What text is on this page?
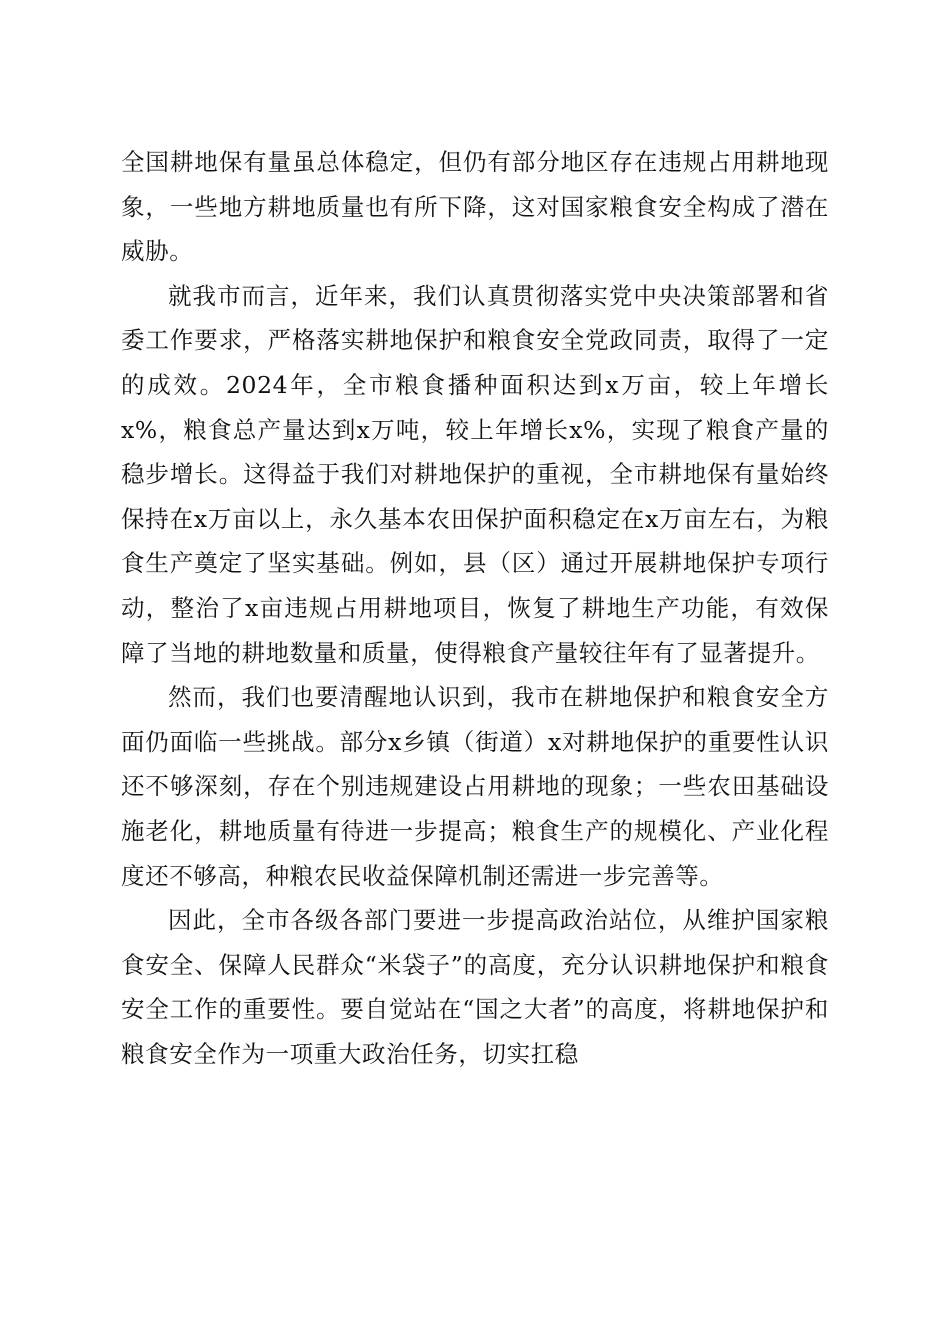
全国耕地保有量虽总体稳定，但仍有部分地区存在违规占用耕地现象，一些地方耕地质量也有所下降，这对国家粮食安全构成了潜在威胁。

就我市而言，近年来，我们认真贯彻落实党中央决策部署和省委工作要求，严格落实耕地保护和粮食安全党政同责，取得了一定的成效。2024年，全市粮食播种面积达到x万亩，较上年增长x%，粮食总产量达到x万吨，较上年增长x%，实现了粮食产量的稳步增长。这得益于我们对耕地保护的重视，全市耕地保有量始终保持在x万亩以上，永久基本农田保护面积稳定在x万亩左右，为粮食生产奠定了坚实基础。例如，县（区）通过开展耕地保护专项行动，整治了x亩违规占用耕地项目，恢复了耕地生产功能，有效保障了当地的耕地数量和质量，使得粮食产量较往年有了显著提升。

然而，我们也要清醒地认识到，我市在耕地保护和粮食安全方面仍面临一些挑战。部分x乡镇（街道）x对耕地保护的重要性认识还不够深刻，存在个别违规建设占用耕地的现象；一些农田基础设施老化，耕地质量有待进一步提高；粮食生产的规模化、产业化程度还不够高，种粮农民收益保障机制还需进一步完善等。

因此，全市各级各部门要进一步提高政治站位，从维护国家粮食安全、保障人民群众“米袋子”的高度，充分认识耕地保护和粮食安全工作的重要性。要自觉站在“国之大者”的高度，将耕地保护和粮食安全作为一项重大政治任务，切实扛稳
